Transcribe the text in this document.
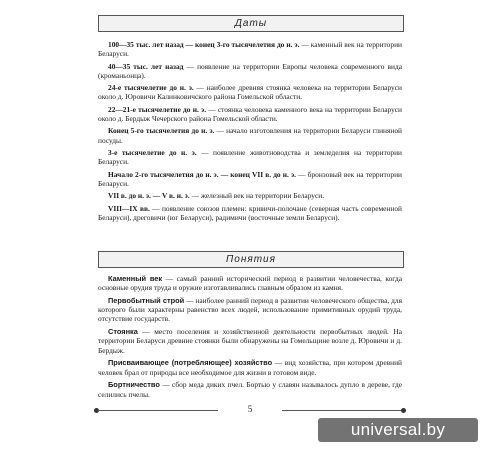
Даты

100—35 тыс. лет назад — конец 3-го тысячелетия до н. э. — каменный век на территории Беларуси.

40—35 тыс. лет назад — появление на территории Европы человека современного вида (кроманьонца).

24-е тысячелетие до н. э. — наиболее древняя стоянка человека на территории Беларуси около д. Юровичи Калинковичского района Гомельской области.

22—21-е тысячелетие до н. э. — стоянка человека каменного века на территории Беларуси около д. Бердыж Чечерского района Гомельской области.

Конец 5-го тысячелетия до н. э. — начало изготовления на территории Беларуси глиняной посуды.

3-е тысячелетие до н. э. — появление животноводства и земледелия на территории Беларуси.

Начало 2-го тысячелетия до н. э. — конец VII в. до н. э. — бронзовый век на территории Беларуси.

VII в. до н. э. — V в. н. э. — железный век на территории Беларуси.

VIII—IX вв. — появление союзов племен: кривичи-полочане (северная часть современной Беларуси), дреговичи (юг Беларуси), радимичи (восточные земли Беларуси).

Понятия

Каменный век — самый ранний исторический период в развитии человечества, когда основные орудия труда и оружие изготавливались главным образом из камня.

Первобытный строй — наиболее ранний период в развитии человеческого общества, для которого были характерны равенство всех людей, использование примитивных орудий труда, отсутствие государств.

Стоянка — место поселения и хозяйственной деятельности первобытных людей. На территории Беларуси древние стоянки были обнаружены на Гомельщине возле д. Юровичи и д. Бердыж.

Присваивающее (потребляющее) хозяйство — вид хозяйства, при котором древний человек брал от природы все необходимое для жизни в готовом виде.

Бортничество — сбор меда диких пчел. Бортью у славян называлось дупло в дереве, где селились пчелы.

5
universal.by
